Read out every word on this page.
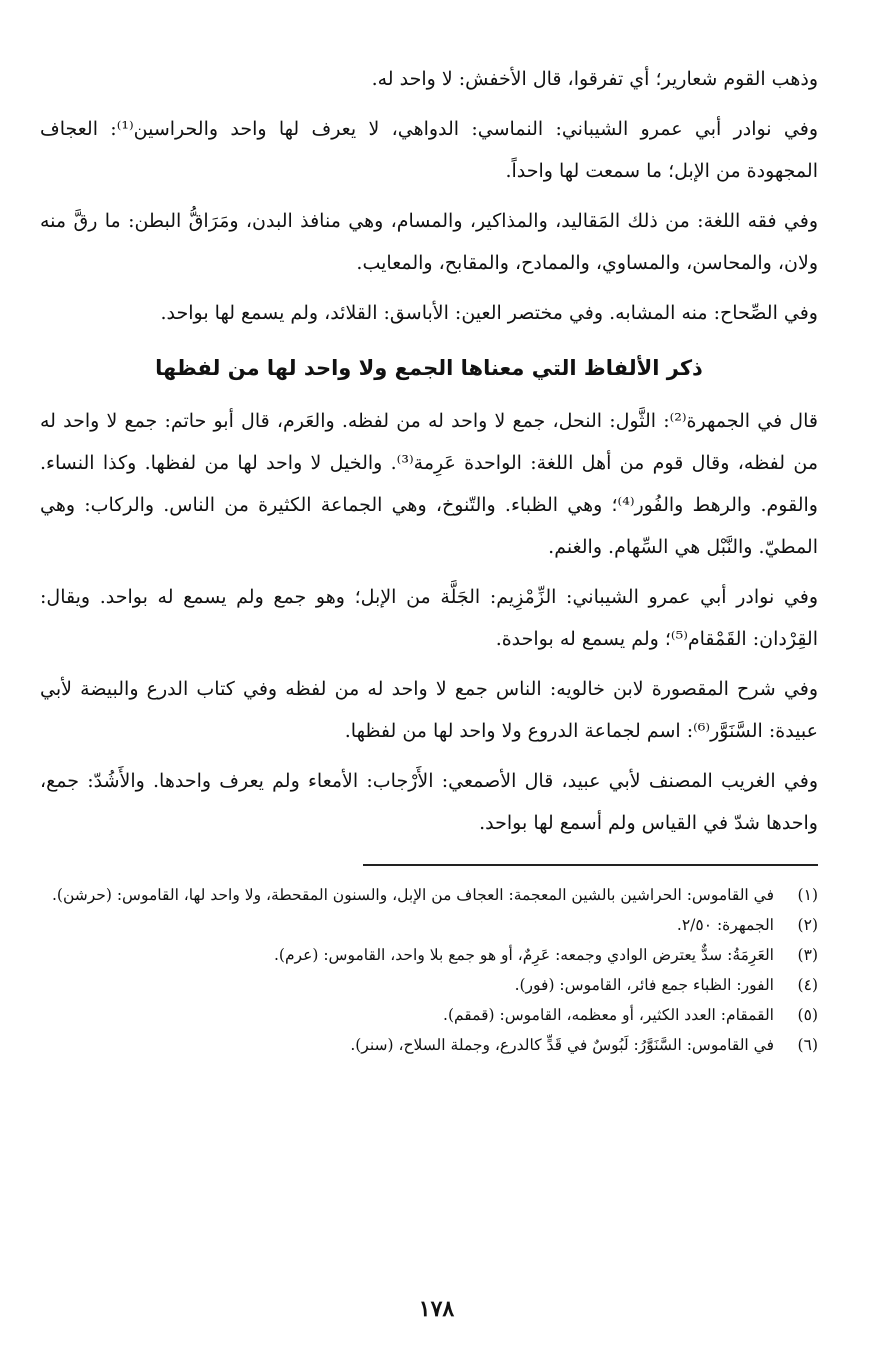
وذهب القوم شعارير؛ أي تفرقوا، قال الأخفش: لا واحد له.

وفي نوادر أبي عمرو الشيباني: النماسي: الدواهي، لا يعرف لها واحد والحراسين⁽¹⁾: العجاف المجهودة من الإبل؛ ما سمعت لها واحداً.

وفي فقه اللغة: من ذلك المَقاليد، والمذاكير، والمسام، وهي منافذ البدن، ومَرَاقُّ البطن: ما رقَّ منه ولان، والمحاسن، والمساوي، والممادح، والمقابح، والمعايب.

وفي الصِّحاح: منه المشابه. وفي مختصر العين: الأباسق: القلائد، ولم يسمع لها بواحد.

ذكر الألفاظ التي معناها الجمع ولا واحد لها من لفظها

قال في الجمهرة⁽²⁾: الثَّول: النحل، جمع لا واحد له من لفظه. والعَرم، قال أبو حاتم: جمع لا واحد له من لفظه، وقال قوم من أهل اللغة: الواحدة عَرِمة⁽³⁾. والخيل لا واحد لها من لفظها. وكذا النساء. والقوم. والرهط والفُور⁽⁴⁾؛ وهي الظباء. والتّنوخ، وهي الجماعة الكثيرة من الناس. والركاب: وهي المطيّ. والنَّبْل هي السِّهام. والغنم.

وفي نوادر أبي عمرو الشيباني: الزِّمْزِيم: الجَلَّة من الإبل؛ وهو جمع ولم يسمع له بواحد. ويقال: القِرْدان: القَمْقام⁽⁵⁾؛ ولم يسمع له بواحدة.

وفي شرح المقصورة لابن خالويه: الناس جمع لا واحد له من لفظه وفي كتاب الدرع والبيضة لأبي عبيدة: السَّنَوَّر⁽⁶⁾: اسم لجماعة الدروع ولا واحد لها من لفظها.

وفي الغريب المصنف لأبي عبيد، قال الأصمعي: الأَرْجاب: الأمعاء ولم يعرف واحدها. والأَشُدّ: جمع، واحدها شدّ في القياس ولم أسمع لها بواحد.

(١)
في القاموس: الحراشين بالشين المعجمة: العجاف من الإبل، والسنون المقحطة، ولا واحد لها، القاموس: (حرشن).
(٢)
الجمهرة: ٢/٥٠.
(٣)
العَرِمَةُ: سدٌّ يعترض الوادي وجمعه: عَرِمٌ، أو هو جمع بلا واحد، القاموس: (عرم).
(٤)
الفور: الظباء جمع فائر، القاموس: (فور).
(٥)
القمقام: العدد الكثير، أو معظمه، القاموس: (قمقم).
(٦)
في القاموس: السَّنَوَّرُ: لَبُوسٌ في قَدٍّ كالدرع، وجملة السلاح، (سنر).
١٧٨
